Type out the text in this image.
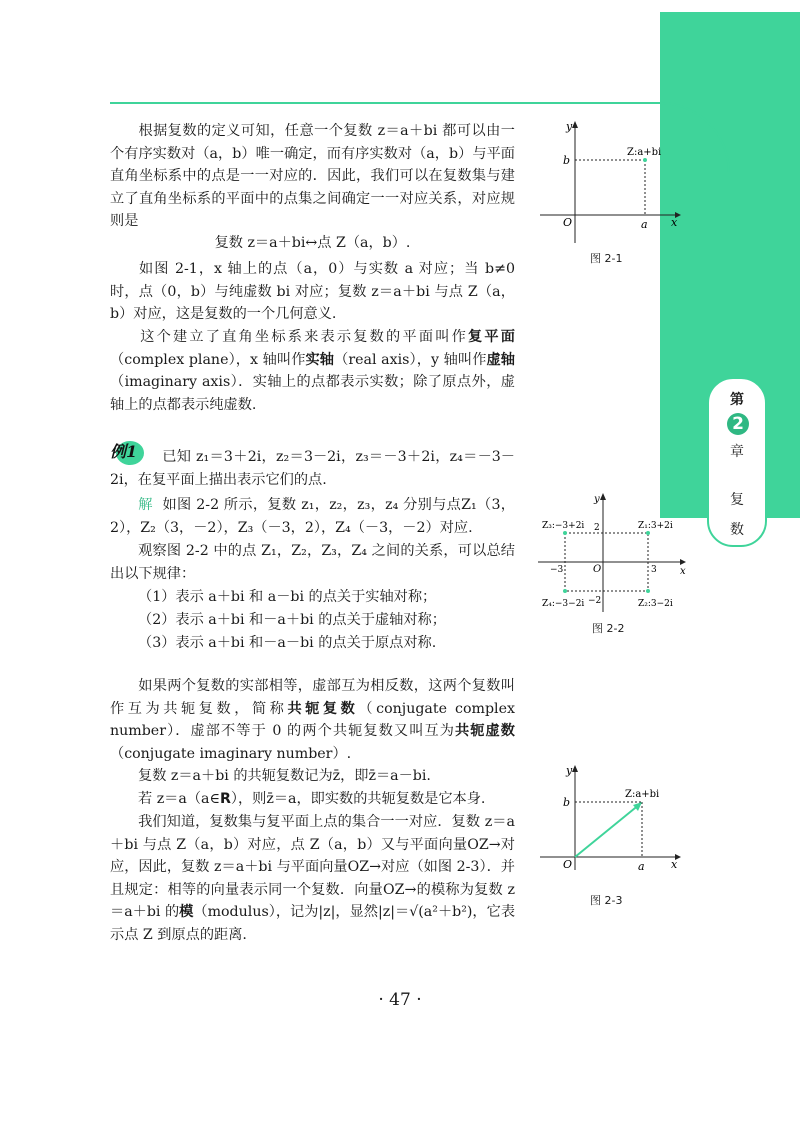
第
2
章
复
数
根据复数的定义可知，任意一个复数 z＝a＋bi 都可以由一个有序实数对（a，b）唯一确定，而有序实数对（a，b）与平面直角坐标系中的点是一一对应的．因此，我们可以在复数集与建立了直角坐标系的平面中的点集之间确定一一对应关系，对应规则是
复数 z＝a＋bi↔点 Z（a，b）.
如图 2-1，x 轴上的点（a，0）与实数 a 对应；当 b≠0 时，点（0，b）与纯虚数 bi 对应；复数 z＝a＋bi 与点 Z（a，b）对应，这是复数的一个几何意义.
这个建立了直角坐标系来表示复数的平面叫作复平面（complex plane），x 轴叫作实轴（real axis），y 轴叫作虚轴（imaginary axis）．实轴上的点都表示实数；除了原点外，虚轴上的点都表示纯虚数.
例1	已知 z₁＝3＋2i，z₂＝3－2i，z₃＝－3＋2i，z₄＝－3－2i，在复平面上描出表示它们的点.
解 如图 2-2 所示，复数 z₁，z₂，z₃，z₄ 分别与点Z₁（3，2），Z₂（3，－2），Z₃（－3，2），Z₄（－3，－2）对应.
观察图 2-2 中的点 Z₁，Z₂，Z₃，Z₄ 之间的关系，可以总结出以下规律：
（1）表示 a＋bi 和 a－bi 的点关于实轴对称；
（2）表示 a＋bi 和－a＋bi 的点关于虚轴对称；
（3）表示 a＋bi 和－a－bi 的点关于原点对称.
如果两个复数的实部相等，虚部互为相反数，这两个复数叫作互为共轭复数，简称共轭复数（conjugate complex number）．虚部不等于 0 的两个共轭复数又叫互为共轭虚数（conjugate imaginary number）.
复数 z＝a＋bi 的共轭复数记为z̄，即z̄＝a－bi.
若 z＝a（a∈R），则z̄＝a，即实数的共轭复数是它本身.
我们知道，复数集与复平面上点的集合一一对应．复数 z＝a＋bi 与点 Z（a，b）对应，点 Z（a，b）又与平面向量OZ→对应，因此，复数 z＝a＋bi 与平面向量OZ→对应（如图 2-3）．并且规定：相等的向量表示同一个复数．向量OZ→的模称为复数 z＝a＋bi 的模（modulus），记为|z|，显然|z|＝√(a²＋b²)，它表示点 Z 到原点的距离.
Z:a+bi
b
a
O	x
y
图 2-1
Z₁:3+2i
Z₂:3−2i
Z₃:−3+2i
Z₄:−3−2i
2
−2
3
−3	O	x
y
图 2-2
Z:a+bi
b
a
O	x
y
图 2-3
· 47 ·
